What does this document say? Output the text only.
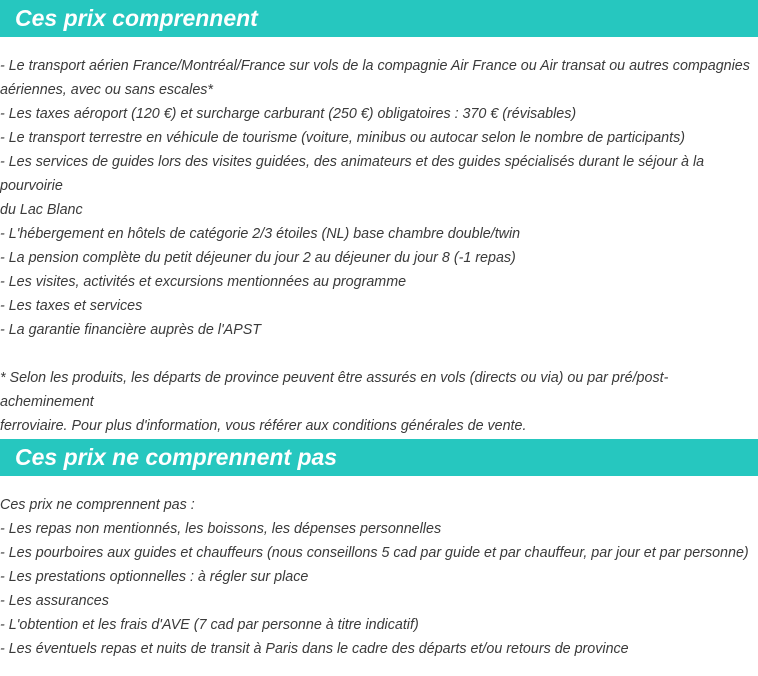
Ces prix comprennent
- Le transport aérien France/Montréal/France sur vols de la compagnie Air France ou Air transat ou autres compagnies
aériennes, avec ou sans escales*
- Les taxes aéroport (120 €) et surcharge carburant (250 €) obligatoires : 370 € (révisables)
- Le transport terrestre en véhicule de tourisme (voiture, minibus ou autocar selon le nombre de participants)
- Les services de guides lors des visites guidées, des animateurs et des guides spécialisés durant le séjour à la pourvoirie
du Lac Blanc
- L'hébergement en hôtels de catégorie 2/3 étoiles (NL) base chambre double/twin
- La pension complète du petit déjeuner du jour 2 au déjeuner du jour 8 (-1 repas)
- Les visites, activités et excursions mentionnées au programme
- Les taxes et services
- La garantie financière auprès de l'APST
* Selon les produits, les départs de province peuvent être assurés en vols (directs ou via) ou par pré/post-acheminement
ferroviaire. Pour plus d'information, vous référer aux conditions générales de vente.
Ces prix ne comprennent pas
Ces prix ne comprennent pas :
- Les repas non mentionnés, les boissons, les dépenses personnelles
- Les pourboires aux guides et chauffeurs (nous conseillons 5 cad par guide et par chauffeur, par jour et par personne)
- Les prestations optionnelles : à régler sur place
- Les assurances
- L'obtention et les frais d'AVE (7 cad par personne à titre indicatif)
- Les éventuels repas et nuits de transit à Paris dans le cadre des départs et/ou retours de province
